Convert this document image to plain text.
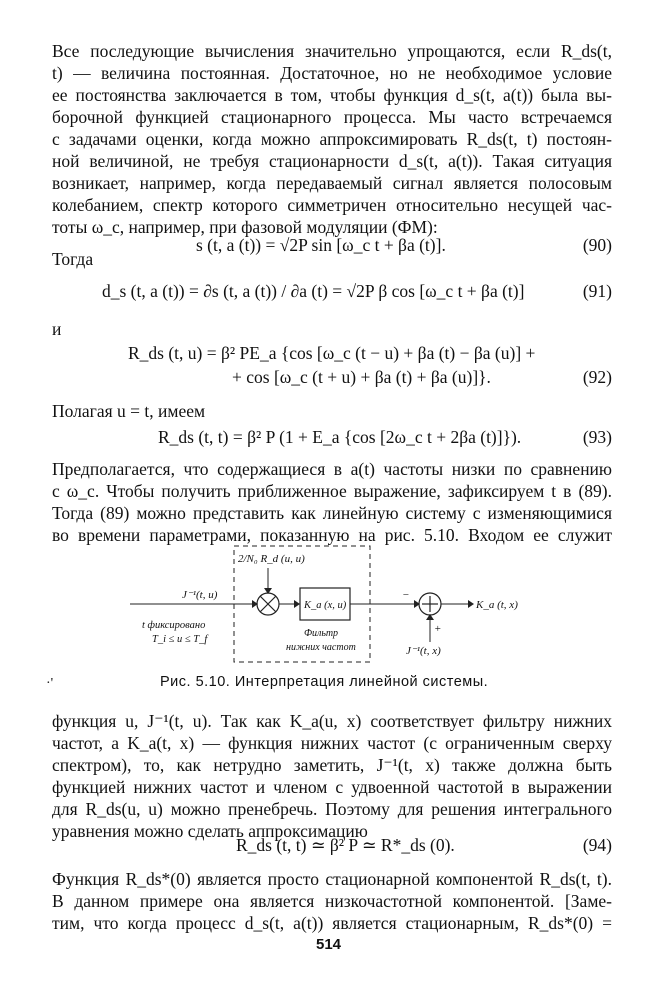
Все последующие вычисления значительно упрощаются, если R_ds(t,
t) — величина постоянная. Достаточное, но не необходимое условие
ее постоянства заключается в том, чтобы функция d_s(t, a(t)) была вы-
борочной функцией стационарного процесса. Мы часто встречаемся
с задачами оценки, когда можно аппроксимировать R_ds(t, t) постоян-
ной величиной, не требуя стационарности d_s(t, a(t)). Такая ситуация
возникает, например, когда передаваемый сигнал является полосовым
колебанием, спектр которого симметричен относительно несущей час-
тоты ω_c, например, при фазовой модуляции (ФМ):
s (t, a (t)) = √2P sin [ω_c t + βa (t)].	(90)
Тогда
d_s (t, a (t)) = ∂s (t, a (t)) / ∂a (t) = √2P β cos [ω_c t + βa (t)]	(91)
и
R_ds (t, u) = β² PE_a {cos [ω_c (t − u) + βa (t) − βa (u)] +
+ cos [ω_c (t + u) + βa (t) + βa (u)]}.	(92)
Полагая u = t, имеем
R_ds (t, t) = β² P (1 + E_a {cos [2ω_c t + 2βa (t)]}).	(93)
Предполагается, что содержащиеся в a(t) частоты низки по сравнению
с ω_c. Чтобы получить приближенное выражение, зафиксируем t в (89).
Тогда (89) можно представить как линейную систему с изменяющимися
во времени параметрами, показанную на рис. 5.10. Входом ее служит
2/N₀ R_d (u, u)
J⁻¹(t, u)
t фиксировано
T_i ≤ u ≤ T_f
K_a (x, u)
Фильтр
нижних частот
−
K_a (t, x)
+
J⁻¹(t, x)
·'	Рис. 5.10. Интерпретация линейной системы.
функция u, J⁻¹(t, u). Так как K_a(u, x) соответствует фильтру нижних
частот, а K_a(t, x) — функция нижних частот (с ограниченным сверху
спектром), то, как нетрудно заметить, J⁻¹(t, x) также должна быть
функцией нижних частот и членом с удвоенной частотой в выражении
для R_ds(u, u) можно пренебречь. Поэтому для решения интегрального
уравнения можно сделать аппроксимацию
R_ds (t, t) ≃ β² P ≃ R*_ds (0).	(94)
Функция R_ds*(0) является просто стационарной компонентой R_ds(t, t).
В данном примере она является низкочастотной компонентой. [Заме-
тим, что когда процесс d_s(t, a(t)) является стационарным, R_ds*(0) =
514
